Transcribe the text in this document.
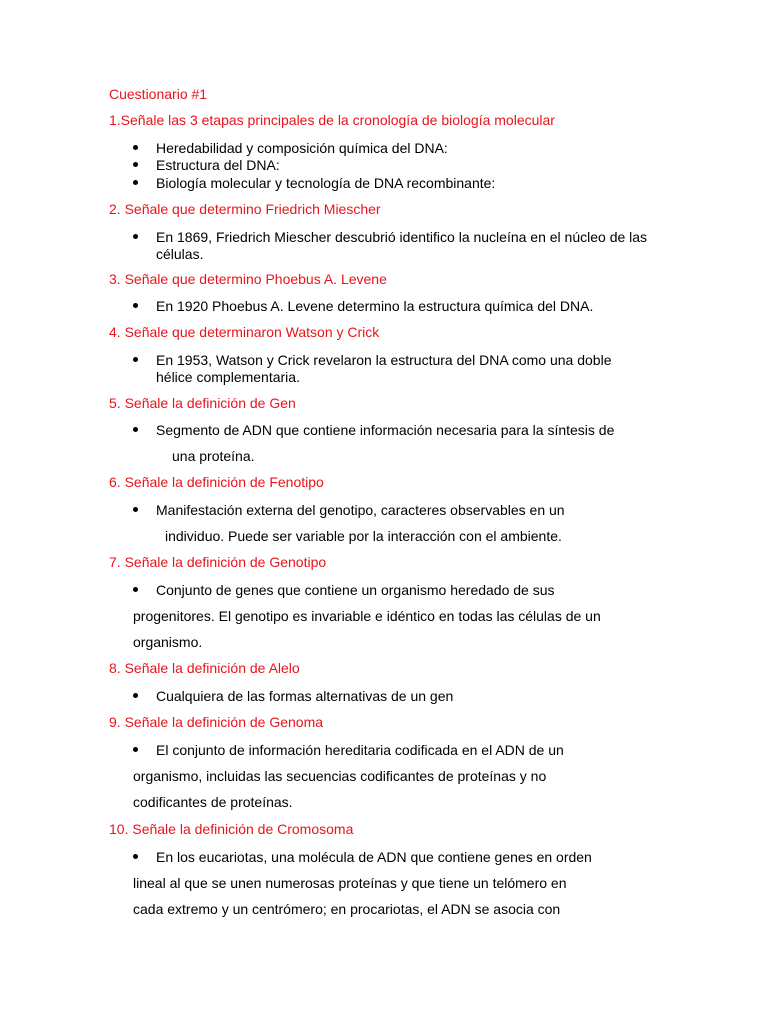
Cuestionario #1
1.Señale las 3 etapas principales de la cronología de biología molecular
Heredabilidad y composición química del DNA:
Estructura del DNA:
Biología molecular y tecnología de DNA recombinante:
2. Señale que determino Friedrich Miescher
En 1869, Friedrich Miescher descubrió identifico la nucleína en el núcleo de las
células.
3. Señale que determino Phoebus A. Levene
En 1920 Phoebus A. Levene determino la estructura química del DNA.
4. Señale que determinaron Watson y Crick
En 1953, Watson y Crick revelaron la estructura del DNA como una doble
hélice complementaria.
5. Señale la definición de Gen
Segmento de ADN que contiene información necesaria para la síntesis de
una proteína.
6. Señale la definición de Fenotipo
Manifestación externa del genotipo, caracteres observables en un
individuo. Puede ser variable por la interacción con el ambiente.
7. Señale la definición de Genotipo
Conjunto de genes que contiene un organismo heredado de sus
progenitores. El genotipo es invariable e idéntico en todas las células de un
organismo.
8. Señale la definición de Alelo
Cualquiera de las formas alternativas de un gen
9. Señale la definición de Genoma
El conjunto de información hereditaria codificada en el ADN de un
organismo, incluidas las secuencias codificantes de proteínas y no
codificantes de proteínas.
10. Señale la definición de Cromosoma
En los eucariotas, una molécula de ADN que contiene genes en orden
lineal al que se unen numerosas proteínas y que tiene un telómero en
cada extremo y un centrómero; en procariotas, el ADN se asocia con
